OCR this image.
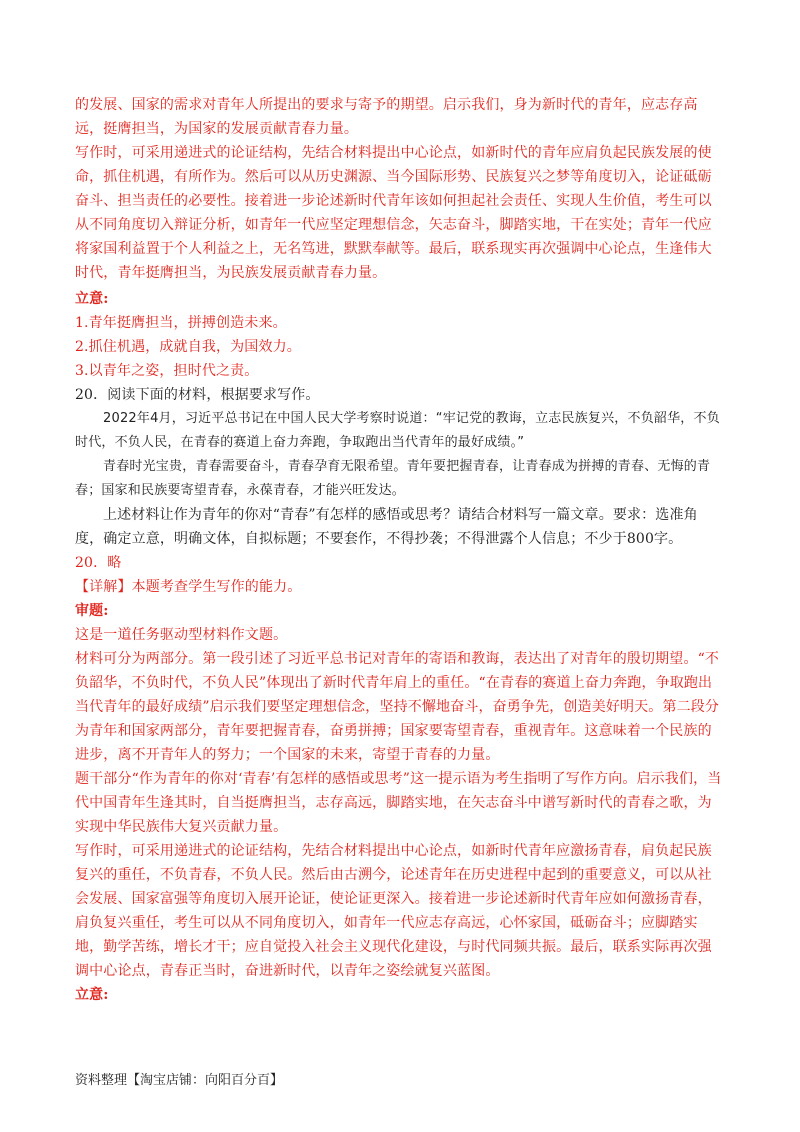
的发展、国家的需求对青年人所提出的要求与寄予的期望。启示我们，身为新时代的青年，应志存高远，挺膺担当，为国家的发展贡献青春力量。

写作时，可采用递进式的论证结构，先结合材料提出中心论点，如新时代的青年应肩负起民族发展的使命，抓住机遇，有所作为。然后可以从历史渊源、当今国际形势、民族复兴之梦等角度切入，论证砥砺奋斗、担当责任的必要性。接着进一步论述新时代青年该如何担起社会责任、实现人生价值，考生可以从不同角度切入辩证分析，如青年一代应坚定理想信念，矢志奋斗，脚踏实地，干在实处；青年一代应将家国利益置于个人利益之上，无名笃进，默默奉献等。最后，联系现实再次强调中心论点，生逢伟大时代，青年挺膺担当，为民族发展贡献青春力量。

立意:

1.青年挺膺担当，拼搏创造未来。

2.抓住机遇，成就自我，为国效力。

3.以青年之姿，担时代之责。

20．阅读下面的材料，根据要求写作。

2022年4月，习近平总书记在中国人民大学考察时说道：“牢记党的教诲，立志民族复兴，不负韶华，不负时代，不负人民，在青春的赛道上奋力奔跑，争取跑出当代青年的最好成绩。”

青春时光宝贵，青春需要奋斗，青春孕育无限希望。青年要把握青春，让青春成为拼搏的青春、无悔的青春；国家和民族要寄望青春，永葆青春，才能兴旺发达。

上述材料让作为青年的你对“青春”有怎样的感悟或思考？请结合材料写一篇文章。要求：选准角度，确定立意，明确文体，自拟标题；不要套作，不得抄袭；不得泄露个人信息；不少于800字。

20．略

【详解】本题考查学生写作的能力。

审题:

这是一道任务驱动型材料作文题。

材料可分为两部分。第一段引述了习近平总书记对青年的寄语和教诲，表达出了对青年的殷切期望。“不负韶华，不负时代，不负人民”体现出了新时代青年肩上的重任。“在青春的赛道上奋力奔跑，争取跑出当代青年的最好成绩”启示我们要坚定理想信念，坚持不懈地奋斗，奋勇争先，创造美好明天。第二段分为青年和国家两部分，青年要把握青春，奋勇拼搏；国家要寄望青春，重视青年。这意味着一个民族的进步，离不开青年人的努力；一个国家的未来，寄望于青春的力量。

题干部分“作为青年的你对‘青春’有怎样的感悟或思考”这一提示语为考生指明了写作方向。启示我们，当代中国青年生逢其时，自当挺膺担当，志存高远，脚踏实地，在矢志奋斗中谱写新时代的青春之歌，为实现中华民族伟大复兴贡献力量。

写作时，可采用递进式的论证结构，先结合材料提出中心论点，如新时代青年应激扬青春，肩负起民族复兴的重任，不负青春，不负人民。然后由古溯今，论述青年在历史进程中起到的重要意义，可以从社会发展、国家富强等角度切入展开论证，使论证更深入。接着进一步论述新时代青年应如何激扬青春，肩负复兴重任，考生可以从不同角度切入，如青年一代应志存高远，心怀家国，砥砺奋斗；应脚踏实地，勤学苦练，增长才干；应自觉投入社会主义现代化建设，与时代同频共振。最后，联系实际再次强调中心论点，青春正当时，奋进新时代，以青年之姿绘就复兴蓝图。

立意:

资料整理【淘宝店铺：向阳百分百】
